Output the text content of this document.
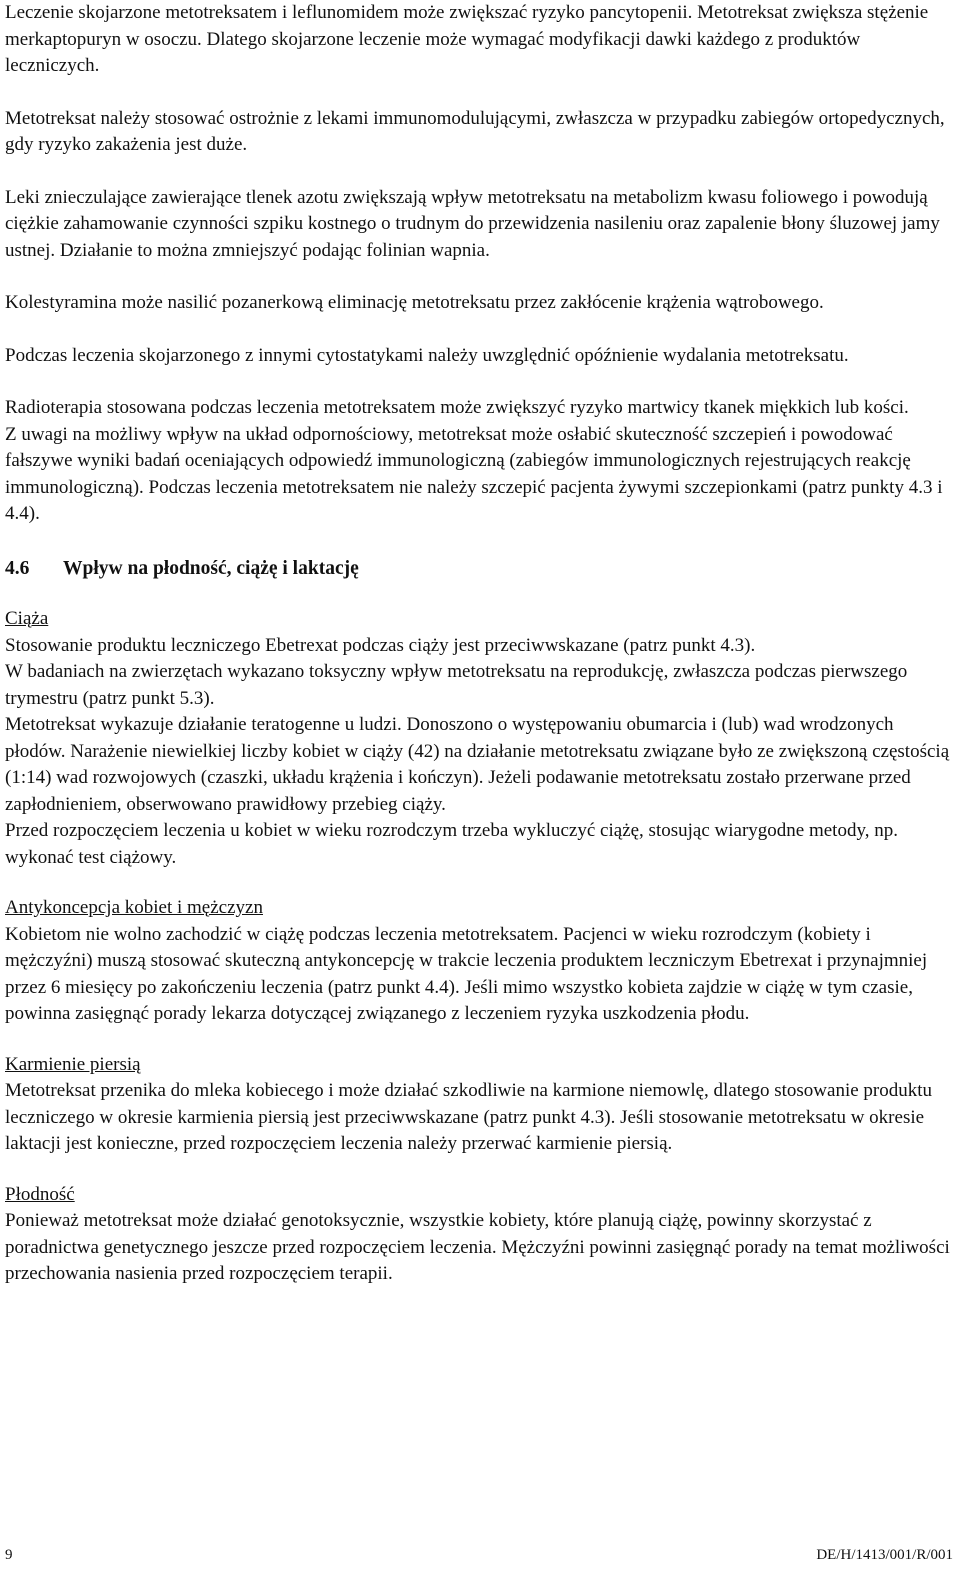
Leczenie skojarzone metotreksatem i leflunomidem może zwiększać ryzyko pancytopenii. Metotreksat zwiększa stężenie merkaptopuryn w osoczu. Dlatego skojarzone leczenie może wymagać modyfikacji dawki każdego z produktów leczniczych.

Metotreksat należy stosować ostrożnie z lekami immunomodulującymi, zwłaszcza w przypadku zabiegów ortopedycznych, gdy ryzyko zakażenia jest duże.

Leki znieczulające zawierające tlenek azotu zwiększają wpływ metotreksatu na metabolizm kwasu foliowego i powodują ciężkie zahamowanie czynności szpiku kostnego o trudnym do przewidzenia nasileniu oraz zapalenie błony śluzowej jamy ustnej. Działanie to można zmniejszyć podając folinian wapnia.

Kolestyramina może nasilić pozanerkową eliminację metotreksatu przez zakłócenie krążenia wątrobowego.

Podczas leczenia skojarzonego z innymi cytostatykami należy uwzględnić opóźnienie wydalania metotreksatu.

Radioterapia stosowana podczas leczenia metotreksatem może zwiększyć ryzyko martwicy tkanek miękkich lub kości.

Z uwagi na możliwy wpływ na układ odpornościowy, metotreksat może osłabić skuteczność szczepień i powodować fałszywe wyniki badań oceniających odpowiedź immunologiczną (zabiegów immunologicznych rejestrujących reakcję immunologiczną). Podczas leczenia metotreksatem nie należy szczepić pacjenta żywymi szczepionkami (patrz punkty 4.3 i 4.4).

4.6	Wpływ na płodność, ciążę i laktację

Ciąża

Stosowanie produktu leczniczego Ebetrexat podczas ciąży jest przeciwwskazane (patrz punkt 4.3).

W badaniach na zwierzętach wykazano toksyczny wpływ metotreksatu na reprodukcję, zwłaszcza podczas pierwszego trymestru (patrz punkt 5.3).

Metotreksat wykazuje działanie teratogenne u ludzi. Donoszono o występowaniu obumarcia i (lub) wad wrodzonych płodów. Narażenie niewielkiej liczby kobiet w ciąży (42) na działanie metotreksatu związane było ze zwiększoną częstością (1:14) wad rozwojowych (czaszki, układu krążenia i kończyn). Jeżeli podawanie metotreksatu zostało przerwane przed zapłodnieniem, obserwowano prawidłowy przebieg ciąży.

Przed rozpoczęciem leczenia u kobiet w wieku rozrodczym trzeba wykluczyć ciążę, stosując wiarygodne metody, np. wykonać test ciążowy.

Antykoncepcja kobiet i mężczyzn

Kobietom nie wolno zachodzić w ciążę podczas leczenia metotreksatem. Pacjenci w wieku rozrodczym (kobiety i mężczyźni) muszą stosować skuteczną antykoncepcję w trakcie leczenia produktem leczniczym Ebetrexat i przynajmniej przez 6 miesięcy po zakończeniu leczenia (patrz punkt 4.4). Jeśli mimo wszystko kobieta zajdzie w ciążę w tym czasie, powinna zasięgnąć porady lekarza dotyczącej związanego z leczeniem ryzyka uszkodzenia płodu.

Karmienie piersią

Metotreksat przenika do mleka kobiecego i może działać szkodliwie na karmione niemowlę, dlatego stosowanie produktu leczniczego w okresie karmienia piersią jest przeciwwskazane (patrz punkt 4.3). Jeśli stosowanie metotreksatu w okresie laktacji jest konieczne, przed rozpoczęciem leczenia należy przerwać karmienie piersią.

Płodność

Ponieważ metotreksat może działać genotoksycznie, wszystkie kobiety, które planują ciążę, powinny skorzystać z poradnictwa genetycznego jeszcze przed rozpoczęciem leczenia. Mężczyźni powinni zasięgnąć porady na temat możliwości przechowania nasienia przed rozpoczęciem terapii.

9	DE/H/1413/001/R/001
